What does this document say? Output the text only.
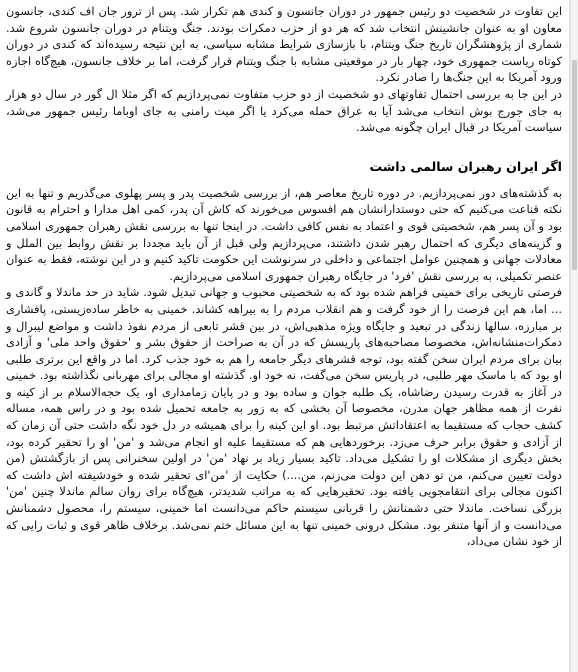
این تفاوت در شخصیت دو رئیس جمهور در دوران جانسون و کندی هم تکرار شد. پس از ترور جان اف کندی، جانسون معاون او به عنوان جانشینش انتخاب شد که هر دو از حزب دمکرات بودند. جنگ ویتنام در دوران جانسون شروع شد. شماری از پژوهشگران تاریخ جنگ ویتنام، با بازسازی شرایط مشابه سیاسی، به این نتیجه رسیده‌اند که کندی در دوران کوتاه ریاست جمهوری خود، چهار بار در موقعیتی مشابه با جنگ ویتنام قرار گرفت، اما بر خلاف جانسون، هیچ‌گاه اجازه ورود آمریکا به این جنگ‌ها را صادر نکرد.

در این جا به بررسی احتمال تفاوتهای دو شخصیت از دو حزب متفاوت نمی‌پردازیم که اگر مثلا ال گور در سال دو هزار به جای جورج بوش انتخاب می‌شد آیا به عراق حمله می‌کرد یا اگر میت رامنی به جای اوباما رئیس جمهور می‌شد، سیاست آمریکا در قبال ایران چگونه می‌شد.

اگر ایران رهبران سالمی داشت

به گذشته‌های دور نمی‌پردازیم. در دوره تاریخ معاصر هم، از بررسی شخصیت پدر و پسر پهلوی می‌گذریم و تنها به این نکته قناعت می‌کنیم که حتی دوستدارانشان هم افسوس می‌خورند که کاش آن پدر، کمی اهل مدارا و احترام به قانون بود و آن پسر هم، شخصیتی قوی و اعتماد به نفس کافی داشت. در اینجا تنها به بررسی نقش رهبران جمهوری اسلامی و گزینه‌های دیگری که احتمال رهبر شدن داشتند، می‌پردازیم ولی قبل از آن باید مجددا بر نقش روابط بین الملل و معادلات جهانی و همچنین عوامل اجتماعی و داخلی در سرنوشت این حکومت تاکید کنیم و در این نوشته، فقط به عنوان عنصر تکمیلی، به بررسی نقش 'فرد' در جایگاه رهبران جمهوری اسلامی می‌پردازیم.

فرصتی تاریخی برای خمینی فراهم شده بود که به شخصیتی محبوب و جهانی تبدیل شود. شاید در حد ماندلا و گاندی و ... اما، هم این فرصت را از خود گرفت و هم انقلاب مردم را به بیراهه کشاند. خمینی به خاطر ساده‌زیستی، پافشاری بر مبارزه، سالها زندگی در تبعید و جایگاه ویژه مذهبی‌اش، در بین قشر تابعی از مردم نفوذ داشت و مواضع لیبرال و دمکرات‌منشانه‌اش، مخصوصا مصاحبه‌های پاریسش که در آن به صراحت از حقوق بشر و 'حقوق واحد ملی' و آزادی بیان برای مردم ایران سخن گفته بود، توجه قشرهای دیگر جامعه را هم به خود جذب کرد. اما در واقع این برتری طلبی او بود که با ماسک مهر طلبی، در پاریس سخن می‌گفت، نه خود او. گذشته او مجالی برای مهربانی نگذاشته بود. خمینی در آغاز به قدرت رسیدن رضاشاه، یک طلبه جوان و ساده بود و در پایان زمامداری او، یک حجه‌الاسلام بر از کینه و نفرت از همه مظاهر جهان مدرن، مخصوصا آن بخشی که به زور به جامعه تحمیل شده بود و در راس همه، مساله کشف حجاب که مستقیما به اعتقاداتش مرتبط بود. او این کینه را برای همیشه در دل خود نگه داشت حتی آن زمان که از آزادی و حقوق برابر حرف می‌زد. برخوردهایی هم که مستقیما علیه او انجام می‌شد و 'من' او را تحقیر کرده بود، بخش دیگری از مشکلات او را تشکیل می‌داد. تاکید بسیار زیاد بر نهاد 'من' در اولین سخنرانی پس از بازگشتش (من دولت تعیین می‌کنم، من تو دهن این دولت می‌زنم، من....) حکایت از 'من'ای تحقیر شده و خودشیفته اش داشت که اکنون مجالی برای انتقامجویی یافته بود. تحقیرهایی که به مراتب شدیدتر، هیچ‌گاه برای روان سالم ماندلا چنین 'من' بزرگی نساخت. ماندلا حتی دشمنانش را قربانی سیستم حاکم می‌دانست اما خمینی، سیستم را، محصول دشمنانش می‌دانست و از آنها متنفر بود. مشکل درونی خمینی تنها به این مسائل ختم نمی‌شد. برخلاف ظاهر قوی و ثبات رایی که از خود نشان می‌داد،
